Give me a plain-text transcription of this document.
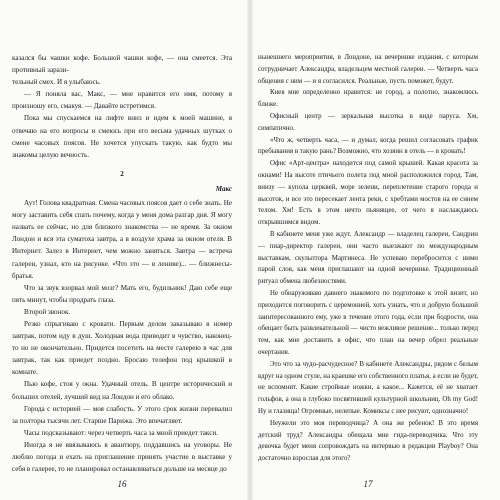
казался бы чашки кофе. Большой чашки кофе, — она смеется. Эта противный зарази-

тельный смех. И я улыбаюсь.

— Я поняла вас, Макс, — мне нравится его имя, потому я произношу его, смакуя. — Давайте встретимся.

Пока мы спускаемся на лифте вниз и идем к моей машине, я отвечаю на его вопросы и смеюсь при его весьма удачных шутках о смене часовых поясов. Не хочется упускать такую, как будто мы знакомы целую вечность.

2
Макс

Аут! Голова квадратная. Смена часовых поясов дает о себе знать. Не могу заставить себя спать почему, когда у меня дома разгар дня. Я могу назвать ее сейчас, но для близкого знакомства — не время. За окном Лондон и вся эта суматоха завтра, а в воздухе храма за окном отеля. В Интернет. Залез в Интернет, чем можно заняться. Завтра — встреча галереи, узнал, кто на рисунке. «Что это — в лениве)... — ближнесы-братья.

Что за звук взорвал мой мозг? Мать его, будильник! Даю себе еще пять минут, чтобы продрать глаза.

Второй звонок.

Резко спрыгиваю с кровати. Первым делом заказываю в номер завтрак, потом иду в душ. Холодная вода приводит в чувство, наконец-то но не окончательно. Придется посетить на месте галерею в час для завтрак, так как приедет поздно. Бросаю телефон под крышкой в комнате.

Пью кофе, стоя у окна. Удачный отель. В центре исторический и больших отелей, лучший вид на Лондон и его облако.

Города с историей — моя слабость. У этого срок жизни перевалил за полторы тысячи лет. Старше Парижа. Это впечатляет.

Часы подсказывают: через четверть часа за мной приедет такси.

Иногда я не ввязываюсь в авантюру, поддавшись на уговоры. Не люблю погода и ехать на приглашение принять участие в выставке у себя в галерее, то не планировал останавливаться дольше на месяце до

16

нынешнего мероприятия, в Лондоне, на вечеринке издания, с которым сотрудничает Александра, владельцем местной галереи. — Четверть часа общения с ним — и я согласился. Реальные, пусть поможет, будут.

Киев мне определенно нравится: не город, а полотно, знакомлюсь ближе.

Офисный центр — зеркальная высотка в виде паруса. Хм, симпатично.

«Что ж, четверть часа, — и думал, когда решил согласовать график пребывания в такую рань? Возможно, что хозяин в отель — в кровать!

Офис «Арт-центра» находится под самой крышей. Какая красота за окнами! На высоте птичьего полета под мной расположился город. Там, внизу — купола церквей, море зелени, переплетение старого города и высоток, и все это пересекает лента реки, с хребтами мостов на ее синем телом. Хм! Есть в этом нечто пьянящее, от чего я наслаждаюсь открывшимся видом.

В кабинете меня уже ждут. Александр — владелец галереи, Сандрин — пиар-директор галереи, они часто выезжают по международным выставкам, скульптора Мартинеса. Не успеваю перебросится с ними парой слов, как меня приглашают на одной вечеринке. Традиционный ритуал обмена любезностями.

Не обнаруживаю давнего знакомого по подготовке к этой визит, но приходится поговорить с церемонией, хоть узнать, что и добрую большой заинтересованного ему, уже в течение этого года, если при бодрости, она обещает быть развлекательной — чисто вежливое решение... только перед тем, как мне доставить в офис, что план на вечер обрел реальные очертания.

Это что за чудо-расчудесное? В кабинете Александры, рядом с белым вдруг на одном стуле, на краешке его собственного платья, а если не будет, не вспомнит. Какие стройные ножки, а какое... Кажется, её не хватает гольфов, а она в глубоко посвятившей культурной школьниц. Oh my God! Ну и глазища! Огромные, нелепые. Комиксы с нее рисуют, однозначно!

Неужели это моя переводчица? А она же ребенок! В это время детский труд? Александра обещала мне гида-переводчика. Что эту девочка будет меня сопровождать на интервью в редакции Playboy? Она достаточно взрослая для этого?

17
